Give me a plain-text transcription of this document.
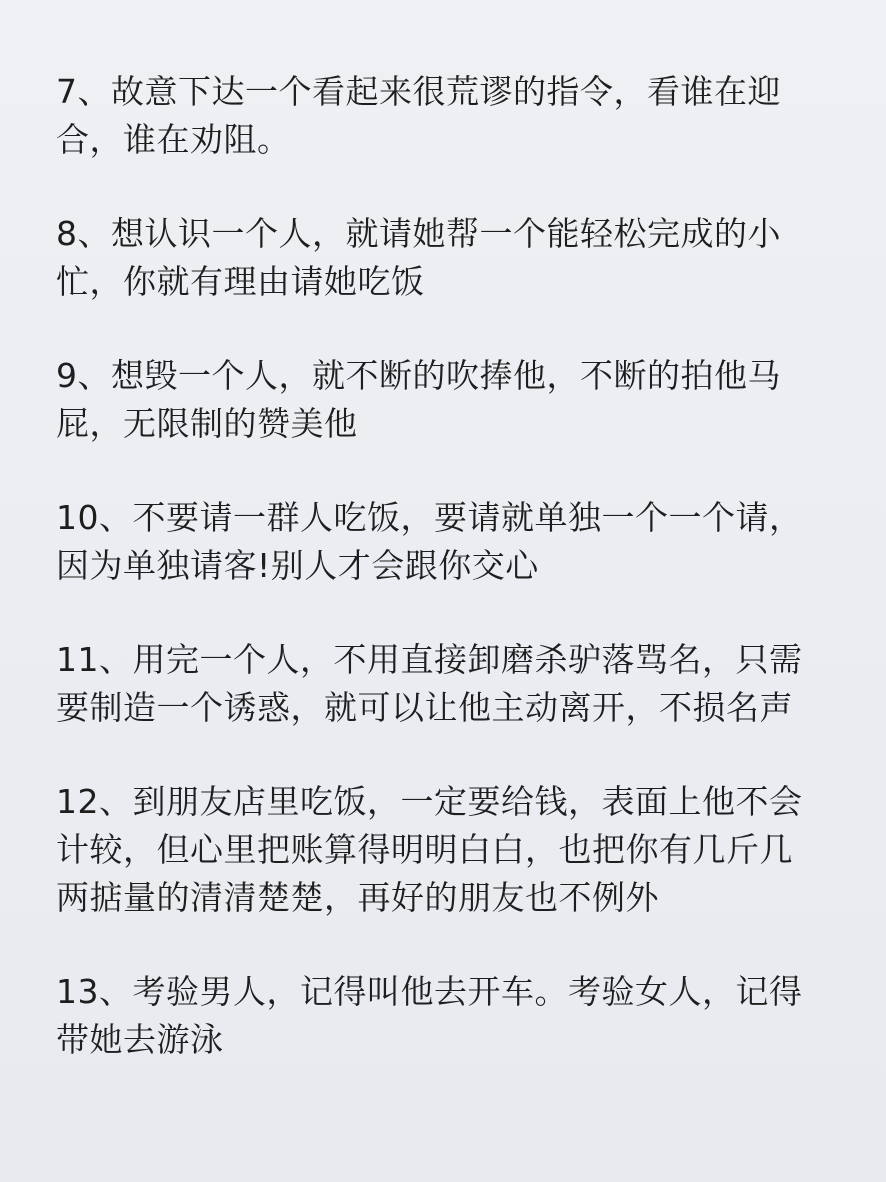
7、故意下达一个看起来很荒谬的指令，看谁在迎
合，谁在劝阻。
8、想认识一个人，就请她帮一个能轻松完成的小
忙，你就有理由请她吃饭
9、想毁一个人，就不断的吹捧他，不断的拍他马
屁，无限制的赞美他
10、不要请一群人吃饭，要请就单独一个一个请，
因为单独请客!别人才会跟你交心
11、用完一个人，不用直接卸磨杀驴落骂名，只需
要制造一个诱惑，就可以让他主动离开，不损名声
12、到朋友店里吃饭，一定要给钱，表面上他不会
计较，但心里把账算得明明白白，也把你有几斤几
两掂量的清清楚楚，再好的朋友也不例外
13、考验男人，记得叫他去开车。考验女人，记得
带她去游泳
